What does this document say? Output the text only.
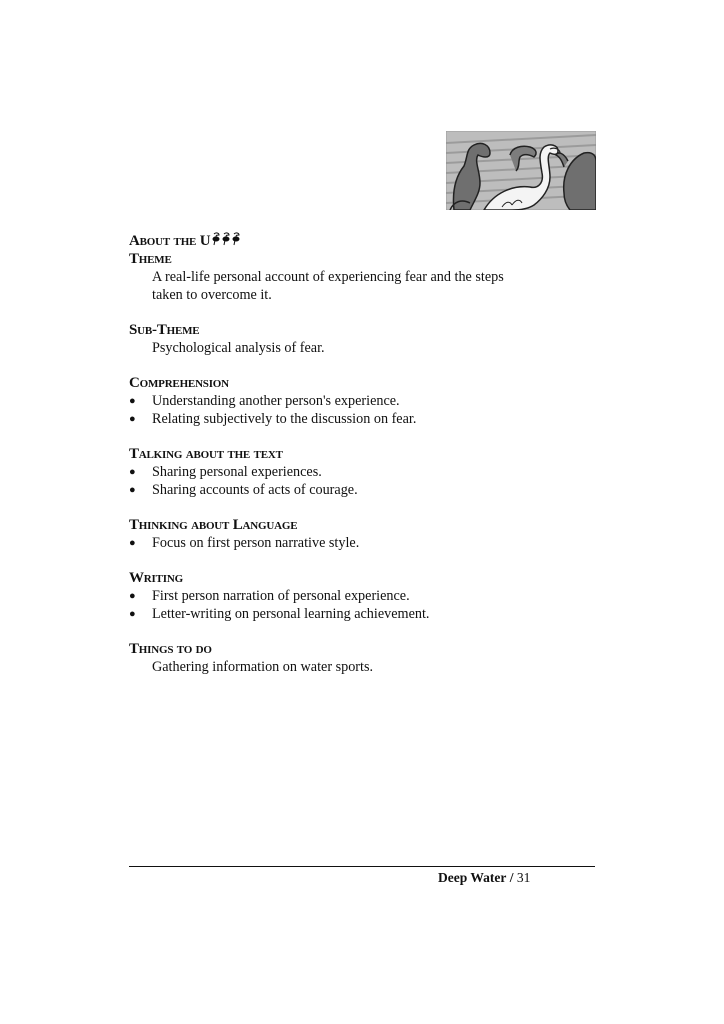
About the U
Theme
A real-life personal account of experiencing fear and the steps
taken to overcome it.
Sub-Theme
Psychological analysis of fear.
Comprehension
●	Understanding another person's experience.
●	Relating subjectively to the discussion on fear.
Talking about the text
●	Sharing personal experiences.
●	Sharing accounts of acts of courage.
Thinking about Language
●	Focus on first person narrative style.
Writing
●	First person narration of personal experience.
●	Letter-writing on personal learning achievement.
Things to do
Gathering information on water sports.
Deep Water / 31
